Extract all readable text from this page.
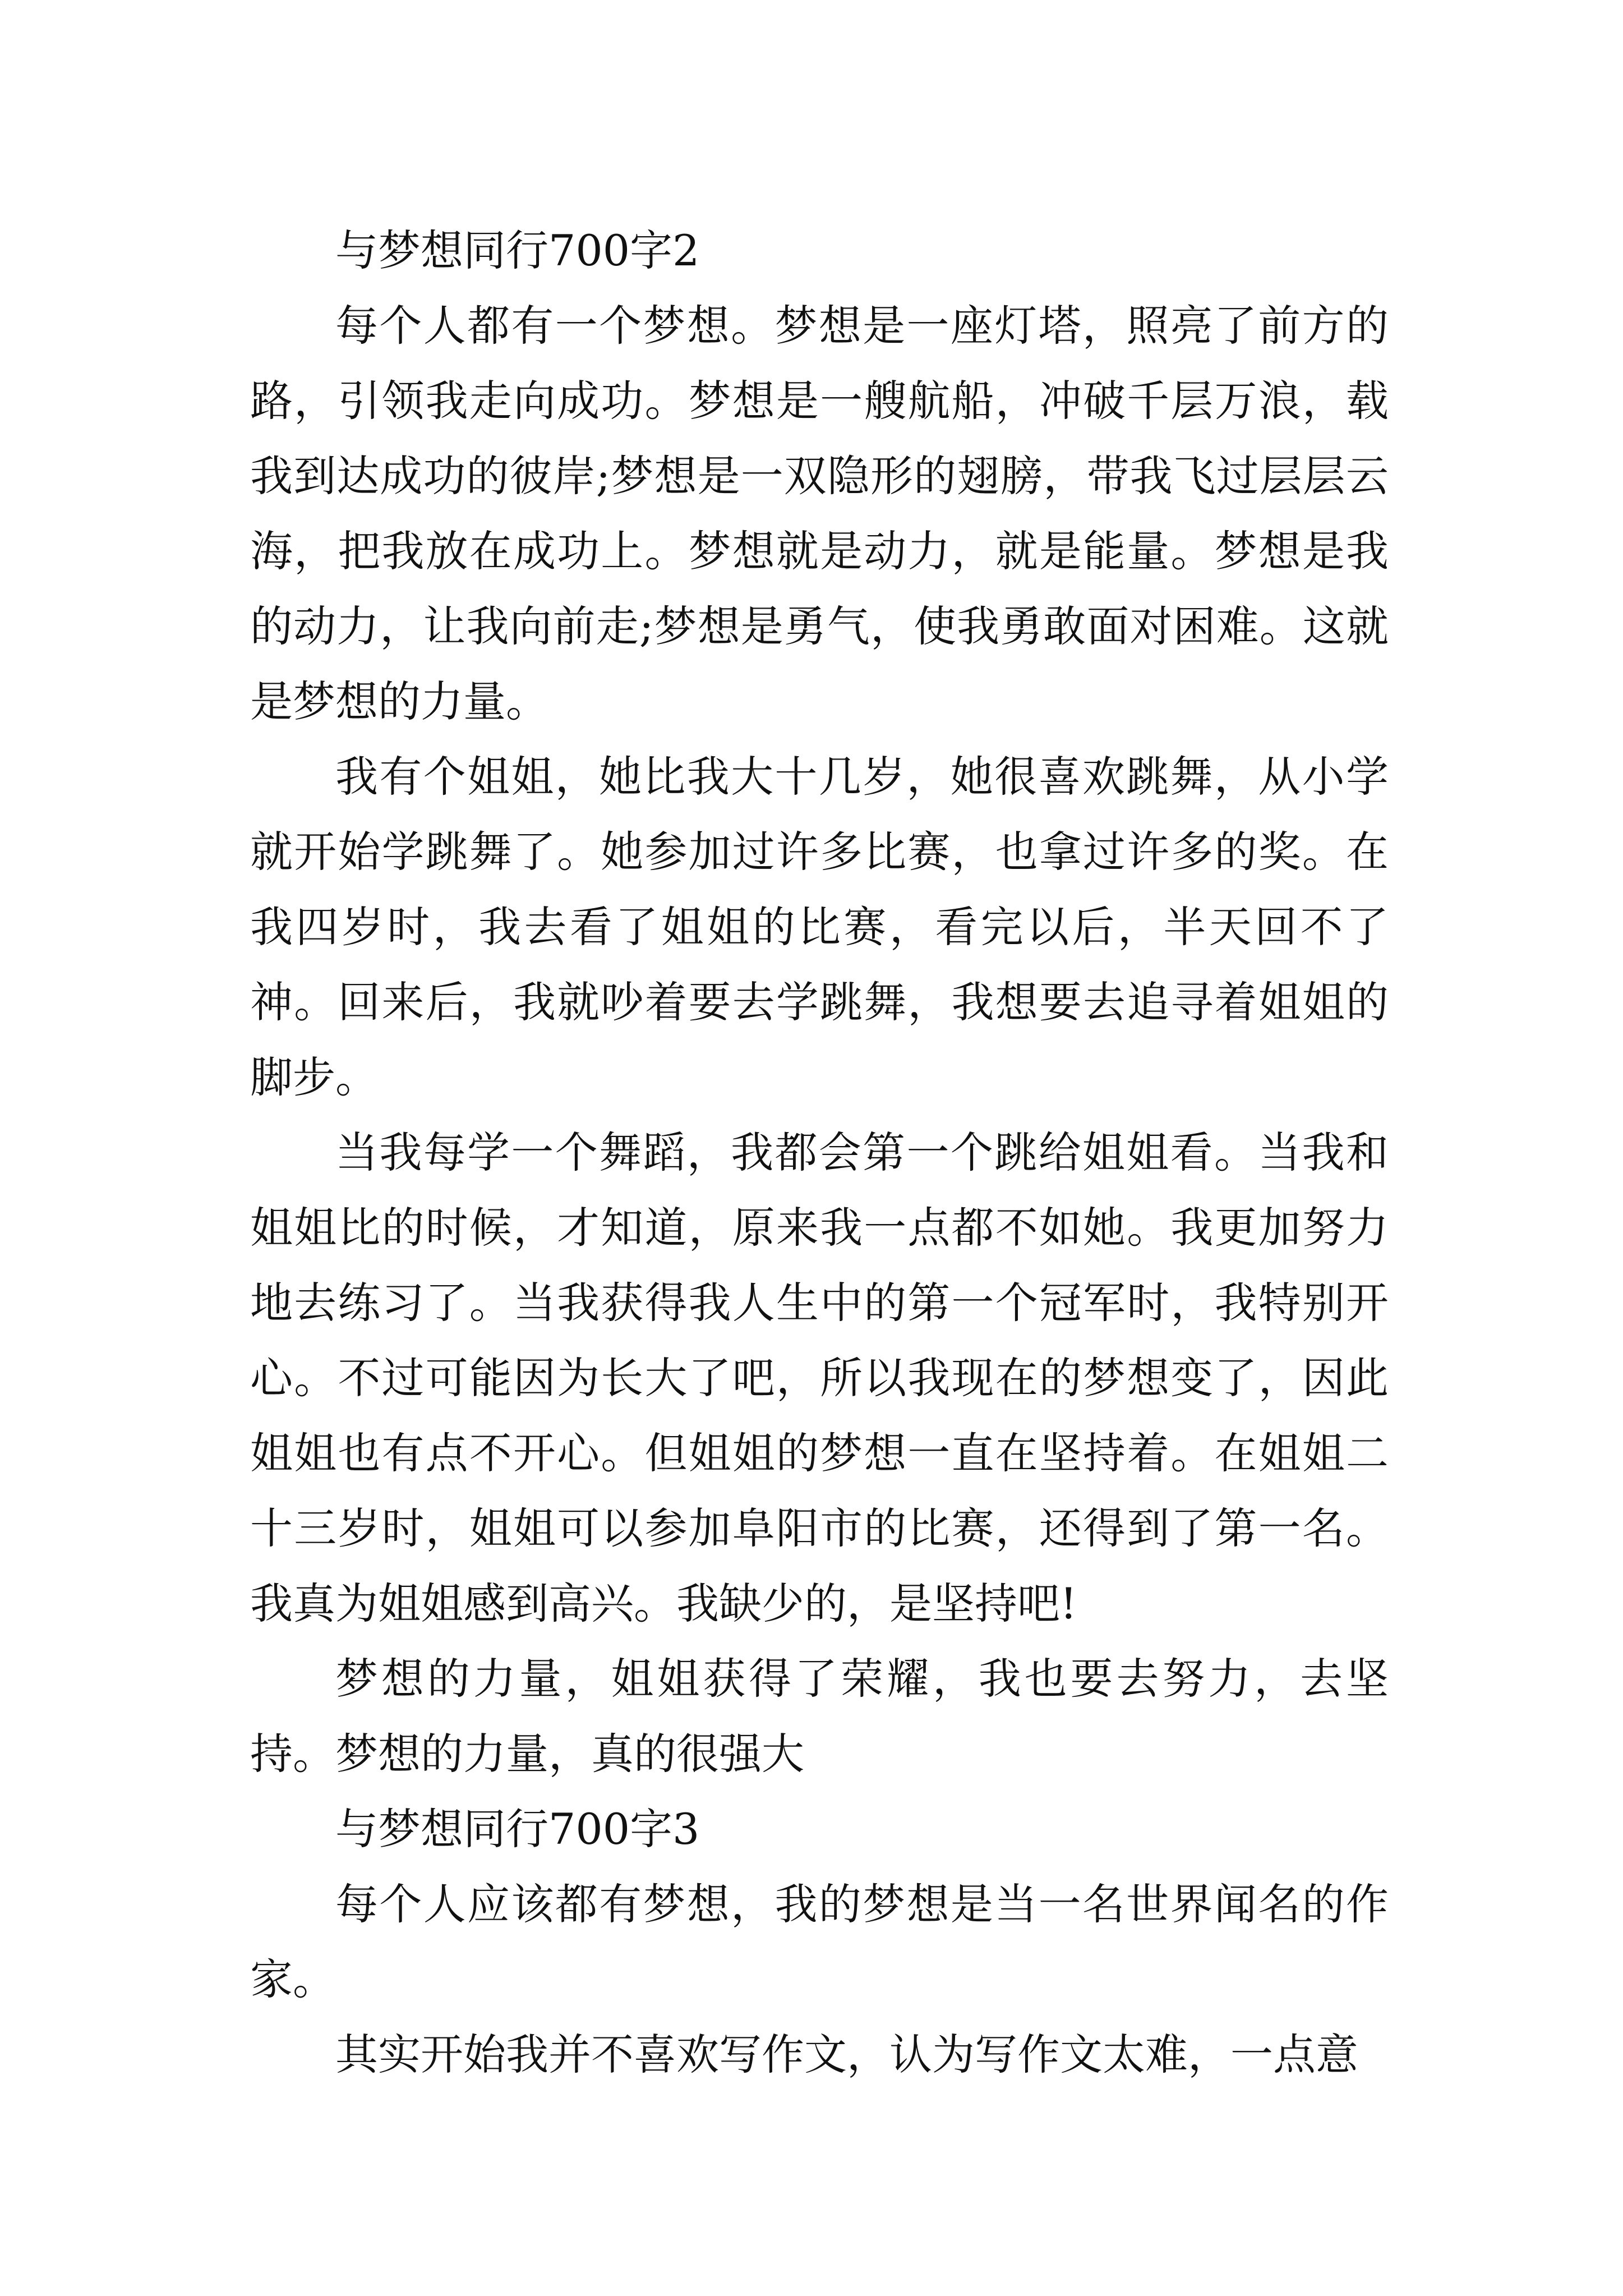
与梦想同行700字2

每个人都有一个梦想。梦想是一座灯塔，照亮了前方的路，引领我走向成功。梦想是一艘航船，冲破千层万浪，载我到达成功的彼岸;梦想是一双隐形的翅膀，带我飞过层层云海，把我放在成功上。梦想就是动力，就是能量。梦想是我的动力，让我向前走;梦想是勇气，使我勇敢面对困难。这就是梦想的力量。

我有个姐姐，她比我大十几岁，她很喜欢跳舞，从小学就开始学跳舞了。她参加过许多比赛，也拿过许多的奖。在我四岁时，我去看了姐姐的比赛，看完以后，半天回不了神。回来后，我就吵着要去学跳舞，我想要去追寻着姐姐的脚步。

当我每学一个舞蹈，我都会第一个跳给姐姐看。当我和姐姐比的时候，才知道，原来我一点都不如她。我更加努力地去练习了。当我获得我人生中的第一个冠军时，我特别开心。不过可能因为长大了吧，所以我现在的梦想变了，因此姐姐也有点不开心。但姐姐的梦想一直在坚持着。在姐姐二十三岁时，姐姐可以参加阜阳市的比赛，还得到了第一名。我真为姐姐感到高兴。我缺少的，是坚持吧!

梦想的力量，姐姐获得了荣耀，我也要去努力，去坚持。梦想的力量，真的很强大

与梦想同行700字3

每个人应该都有梦想，我的梦想是当一名世界闻名的作家。

其实开始我并不喜欢写作文，认为写作文太难，一点意
